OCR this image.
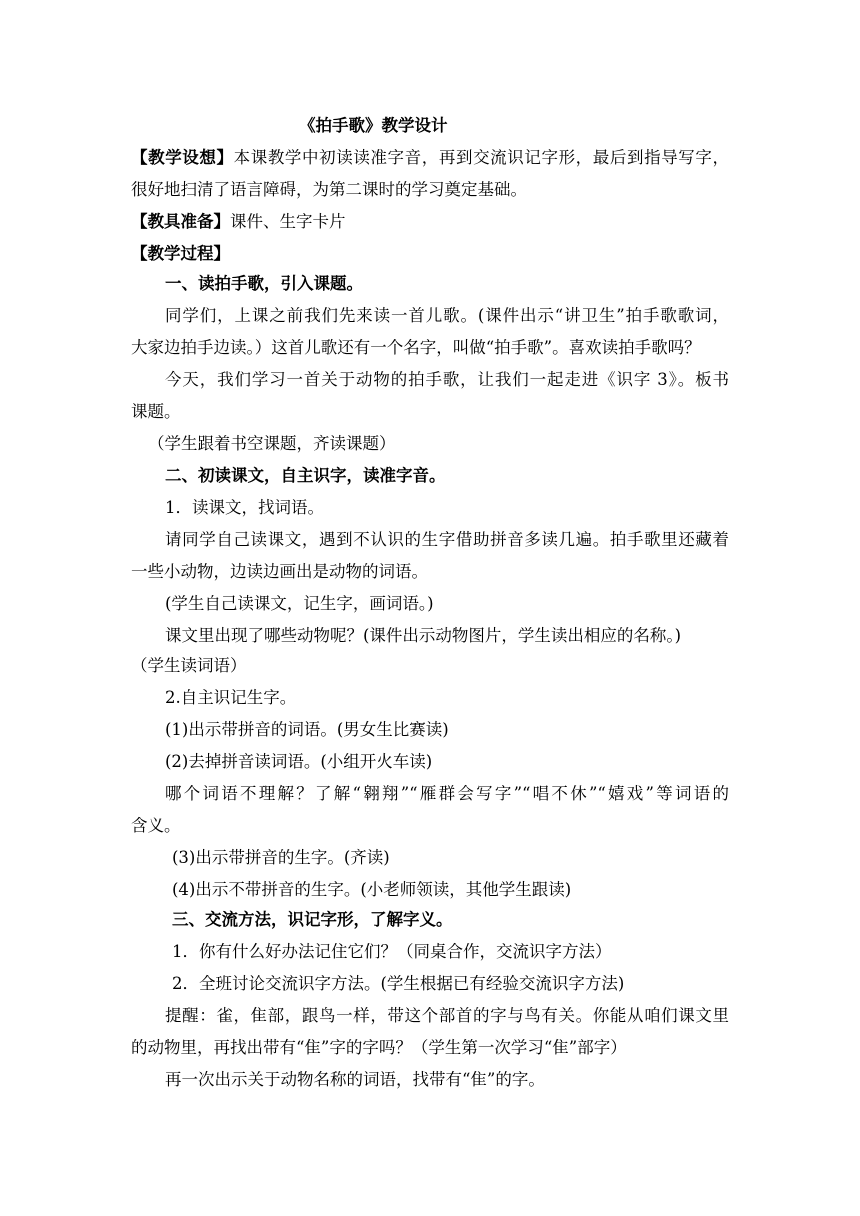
《拍手歌》教学设计
【教学设想】本课教学中初读读准字音，再到交流识记字形，最后到指导写字，
很好地扫清了语言障碍，为第二课时的学习奠定基础。
【教具准备】课件、生字卡片
【教学过程】
一、读拍手歌，引入课题。
同学们，上课之前我们先来读一首儿歌。(课件出示“讲卫生”拍手歌歌词，
大家边拍手边读。）这首儿歌还有一个名字，叫做“拍手歌”。喜欢读拍手歌吗？
今天，我们学习一首关于动物的拍手歌，让我们一起走进《识字 3》。板书
课题。
（学生跟着书空课题，齐读课题）
二、初读课文，自主识字，读准字音。
1．读课文，找词语。
请同学自己读课文，遇到不认识的生字借助拼音多读几遍。拍手歌里还藏着
一些小动物，边读边画出是动物的词语。
(学生自己读课文，记生字，画词语。)
课文里出现了哪些动物呢？(课件出示动物图片，学生读出相应的名称。)
（学生读词语）
2.自主识记生字。
(1)出示带拼音的词语。(男女生比赛读)
(2)去掉拼音读词语。(小组开火车读)
哪个词语不理解？了解“翱翔”“雁群会写字”“唱不休”“嬉戏”等词语的
含义。
(3)出示带拼音的生字。(齐读)
(4)出示不带拼音的生字。(小老师领读，其他学生跟读)
三、交流方法，识记字形，了解字义。
1．你有什么好办法记住它们？（同桌合作，交流识字方法）
2．全班讨论交流识字方法。(学生根据已有经验交流识字方法)
提醒：雀，隹部，跟鸟一样，带这个部首的字与鸟有关。你能从咱们课文里
的动物里，再找出带有“隹”字的字吗？（学生第一次学习“隹”部字）
再一次出示关于动物名称的词语，找带有“隹”的字。
